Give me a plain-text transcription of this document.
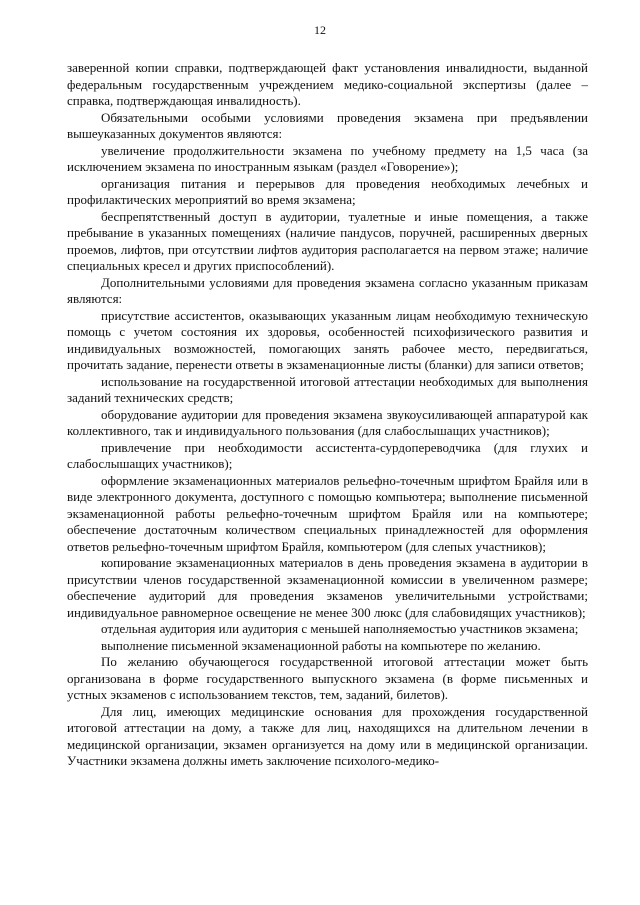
12

заверенной копии справки, подтверждающей факт установления инвалидности, выданной федеральным государственным учреждением медико-социальной экспертизы (далее – справка, подтверждающая инвалидность).

Обязательными особыми условиями проведения экзамена при предъявлении вышеуказанных документов являются:

увеличение продолжительности экзамена по учебному предмету на 1,5 часа (за исключением экзамена по иностранным языкам (раздел «Говорение»);

организация питания и перерывов для проведения необходимых лечебных и профилактических мероприятий во время экзамена;

беспрепятственный доступ в аудитории, туалетные и иные помещения, а также пребывание в указанных помещениях (наличие пандусов, поручней, расширенных дверных проемов, лифтов, при отсутствии лифтов аудитория располагается на первом этаже; наличие специальных кресел и других приспособлений).

Дополнительными условиями для проведения экзамена согласно указанным приказам являются:

присутствие ассистентов, оказывающих указанным лицам необходимую техническую помощь с учетом состояния их здоровья, особенностей психофизического развития и индивидуальных возможностей, помогающих занять рабочее место, передвигаться, прочитать задание, перенести ответы в экзаменационные листы (бланки) для записи ответов;

использование на государственной итоговой аттестации необходимых для выполнения заданий технических средств;

оборудование аудитории для проведения экзамена звукоусиливающей аппаратурой как коллективного, так и индивидуального пользования (для слабослышащих участников);

привлечение при необходимости ассистента-сурдопереводчика (для глухих и слабослышащих участников);

оформление экзаменационных материалов рельефно-точечным шрифтом Брайля или в виде электронного документа, доступного с помощью компьютера; выполнение письменной экзаменационной работы рельефно-точечным шрифтом Брайля или на компьютере; обеспечение достаточным количеством специальных принадлежностей для оформления ответов рельефно-точечным шрифтом Брайля, компьютером (для слепых участников);

копирование экзаменационных материалов в день проведения экзамена в аудитории в присутствии членов государственной экзаменационной комиссии в увеличенном размере; обеспечение аудиторий для проведения экзаменов увеличительными устройствами; индивидуальное равномерное освещение не менее 300 люкс (для слабовидящих участников);

отдельная аудитория или аудитория с меньшей наполняемостью участников экзамена;

выполнение письменной экзаменационной работы на компьютере по желанию.

По желанию обучающегося государственной итоговой аттестации может быть организована в форме государственного выпускного экзамена (в форме письменных и устных экзаменов с использованием текстов, тем, заданий, билетов).

Для лиц, имеющих медицинские основания для прохождения государственной итоговой аттестации на дому, а также для лиц, находящихся на длительном лечении в медицинской организации, экзамен организуется на дому или в медицинской организации. Участники экзамена должны иметь заключение психолого-медико-
